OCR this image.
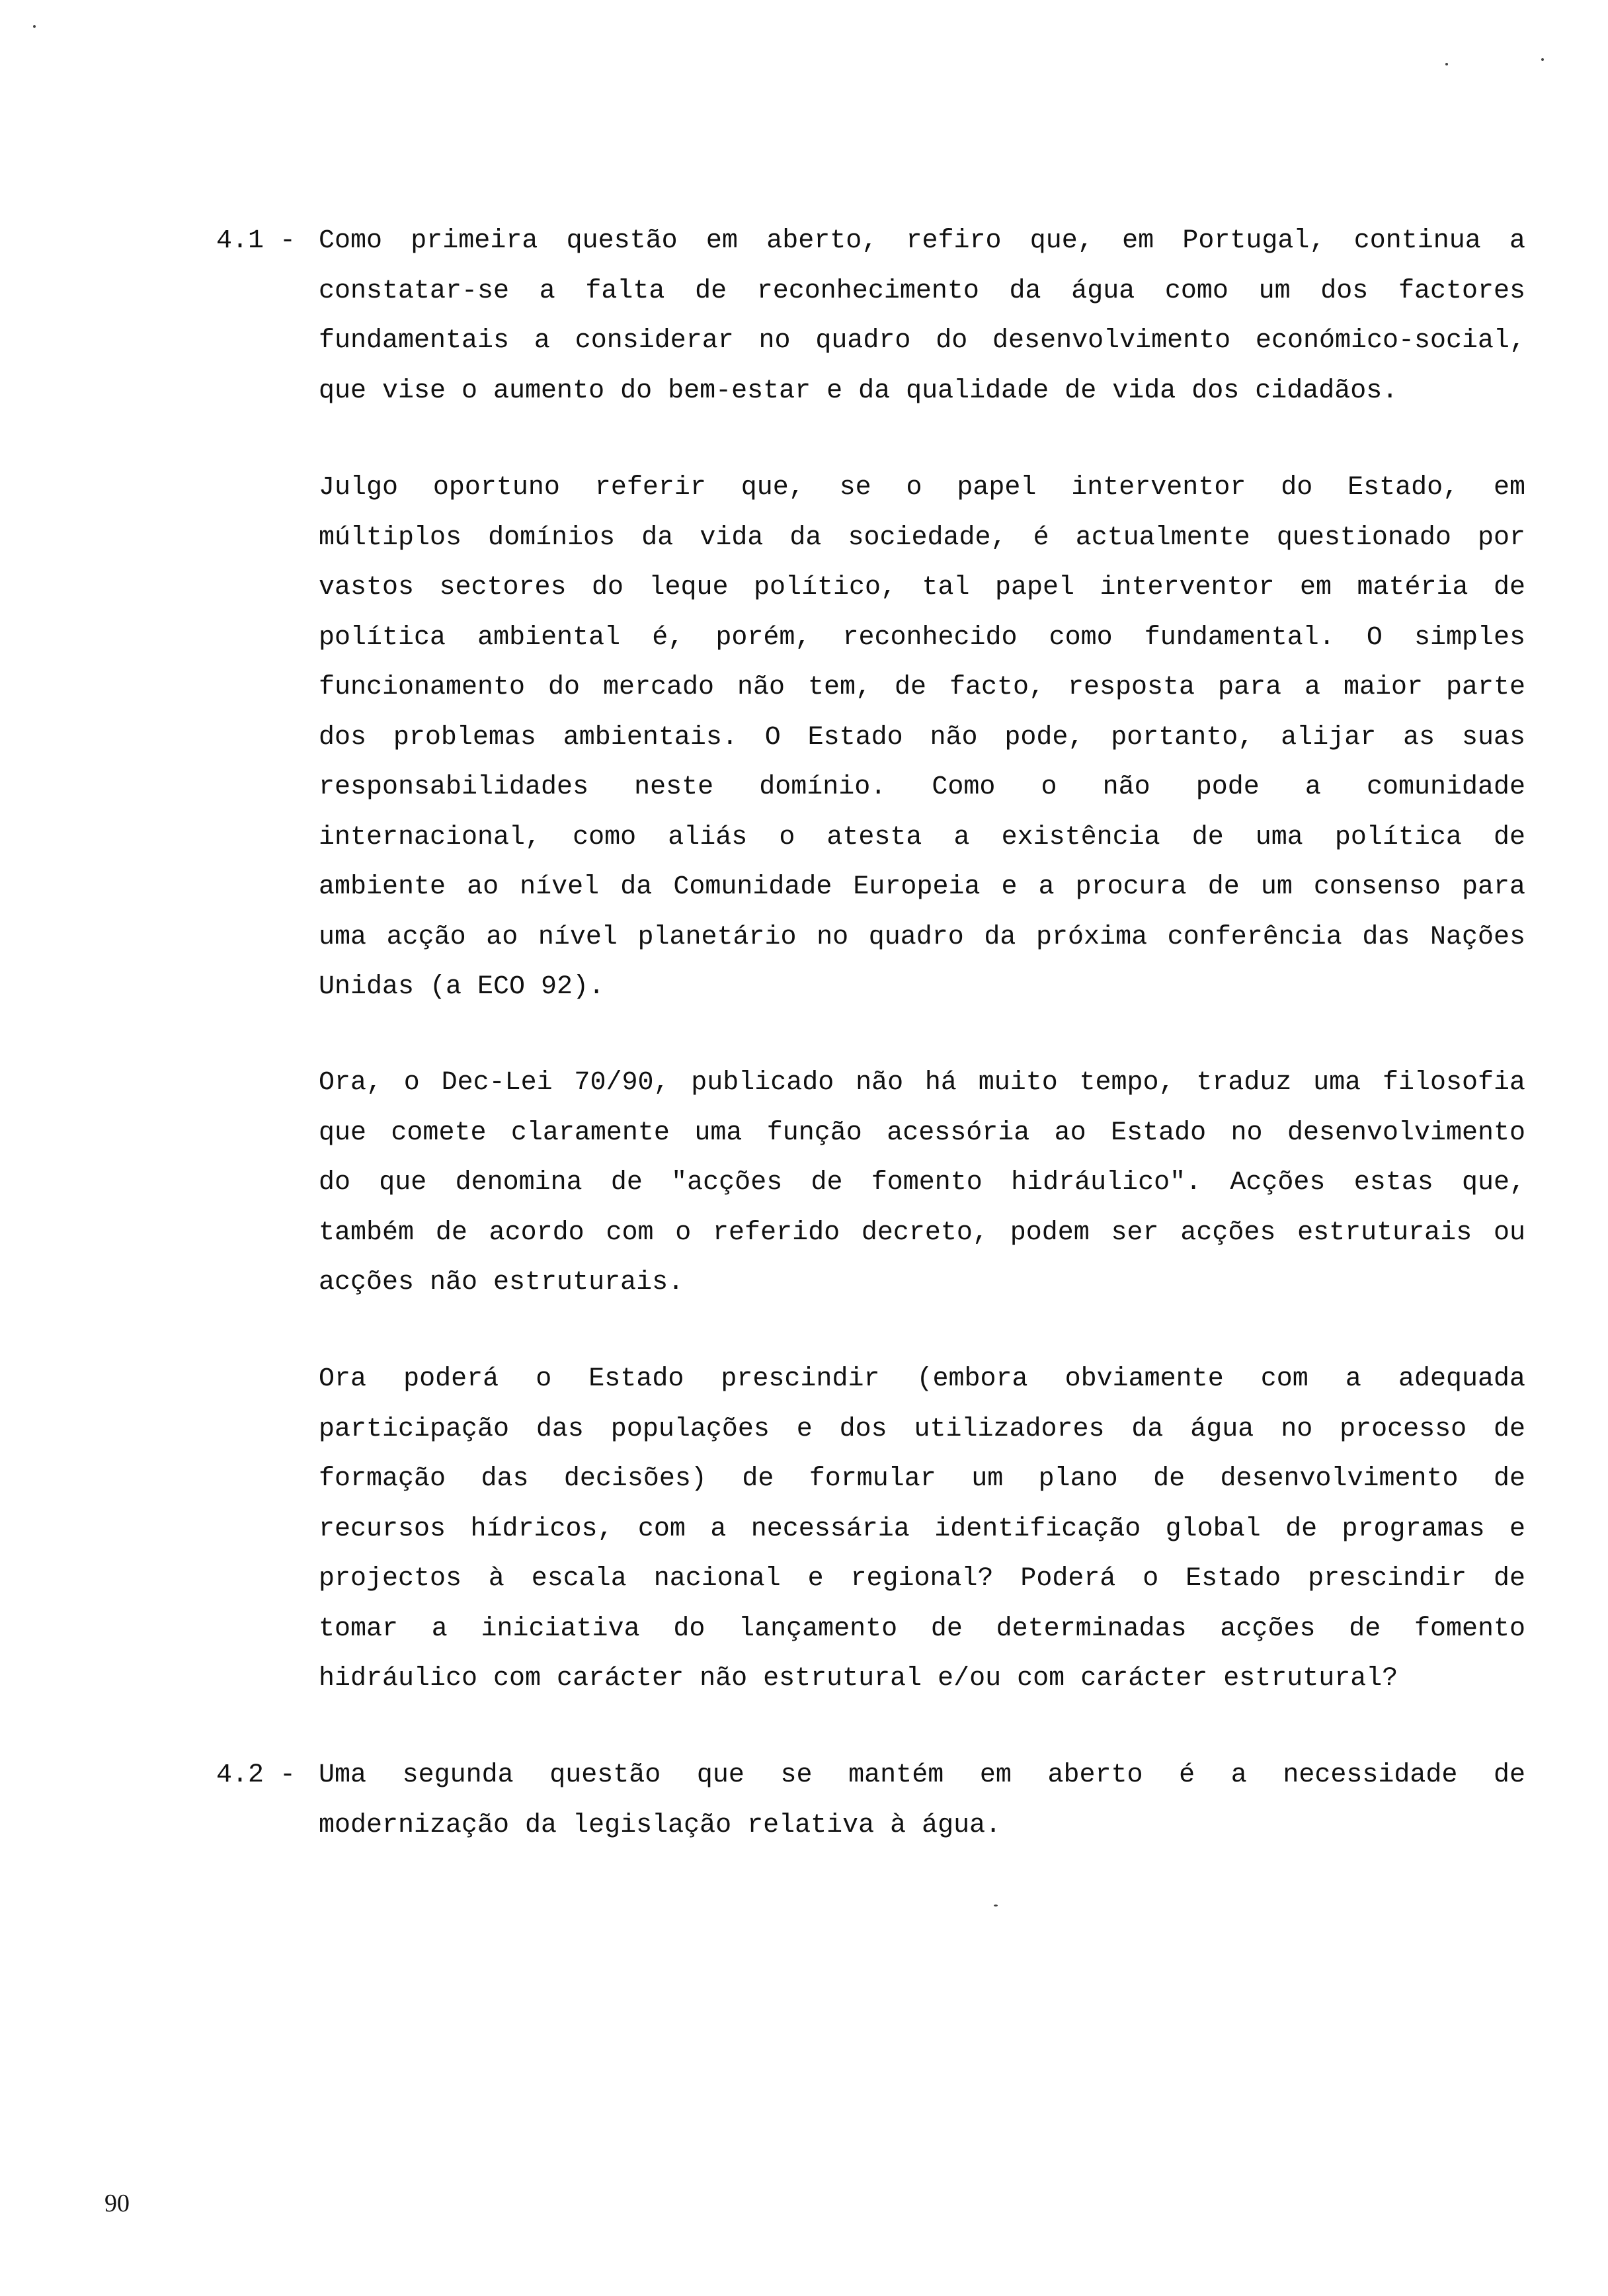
4.1 - Como primeira questão em aberto, refiro que, em Portugal, continua a
constatar-se a falta de reconhecimento da água como um dos factores
fundamentais a considerar no quadro do desenvolvimento económico-social,
que vise o aumento do bem-estar e da qualidade de vida dos cidadãos.
Julgo oportuno referir que, se o papel interventor do Estado, em
múltiplos domínios da vida da sociedade, é actualmente questionado por
vastos sectores do leque político, tal papel interventor em matéria de
política ambiental é, porém, reconhecido como fundamental. O simples
funcionamento do mercado não tem, de facto, resposta para a maior parte
dos problemas ambientais. O Estado não pode, portanto, alijar as suas
responsabilidades neste domínio. Como o não pode a comunidade
internacional, como aliás o atesta a existência de uma política de
ambiente ao nível da Comunidade Europeia e a procura de um consenso para
uma acção ao nível planetário no quadro da próxima conferência das Nações
Unidas (a ECO 92).
Ora, o Dec-Lei 70/90, publicado não há muito tempo, traduz uma filosofia
que comete claramente uma função acessória ao Estado no desenvolvimento
do que denomina de "acções de fomento hidráulico". Acções estas que,
também de acordo com o referido decreto, podem ser acções estruturais ou
acções não estruturais.
Ora poderá o Estado prescindir (embora obviamente com a adequada
participação das populações e dos utilizadores da água no processo de
formação das decisões) de formular um plano de desenvolvimento de
recursos hídricos, com a necessária identificação global de programas e
projectos à escala nacional e regional? Poderá o Estado prescindir de
tomar a iniciativa do lançamento de determinadas acções de fomento
hidráulico com carácter não estrutural e/ou com carácter estrutural?
4.2 - Uma segunda questão que se mantém em aberto é a necessidade de
modernização da legislação relativa à água.
90
